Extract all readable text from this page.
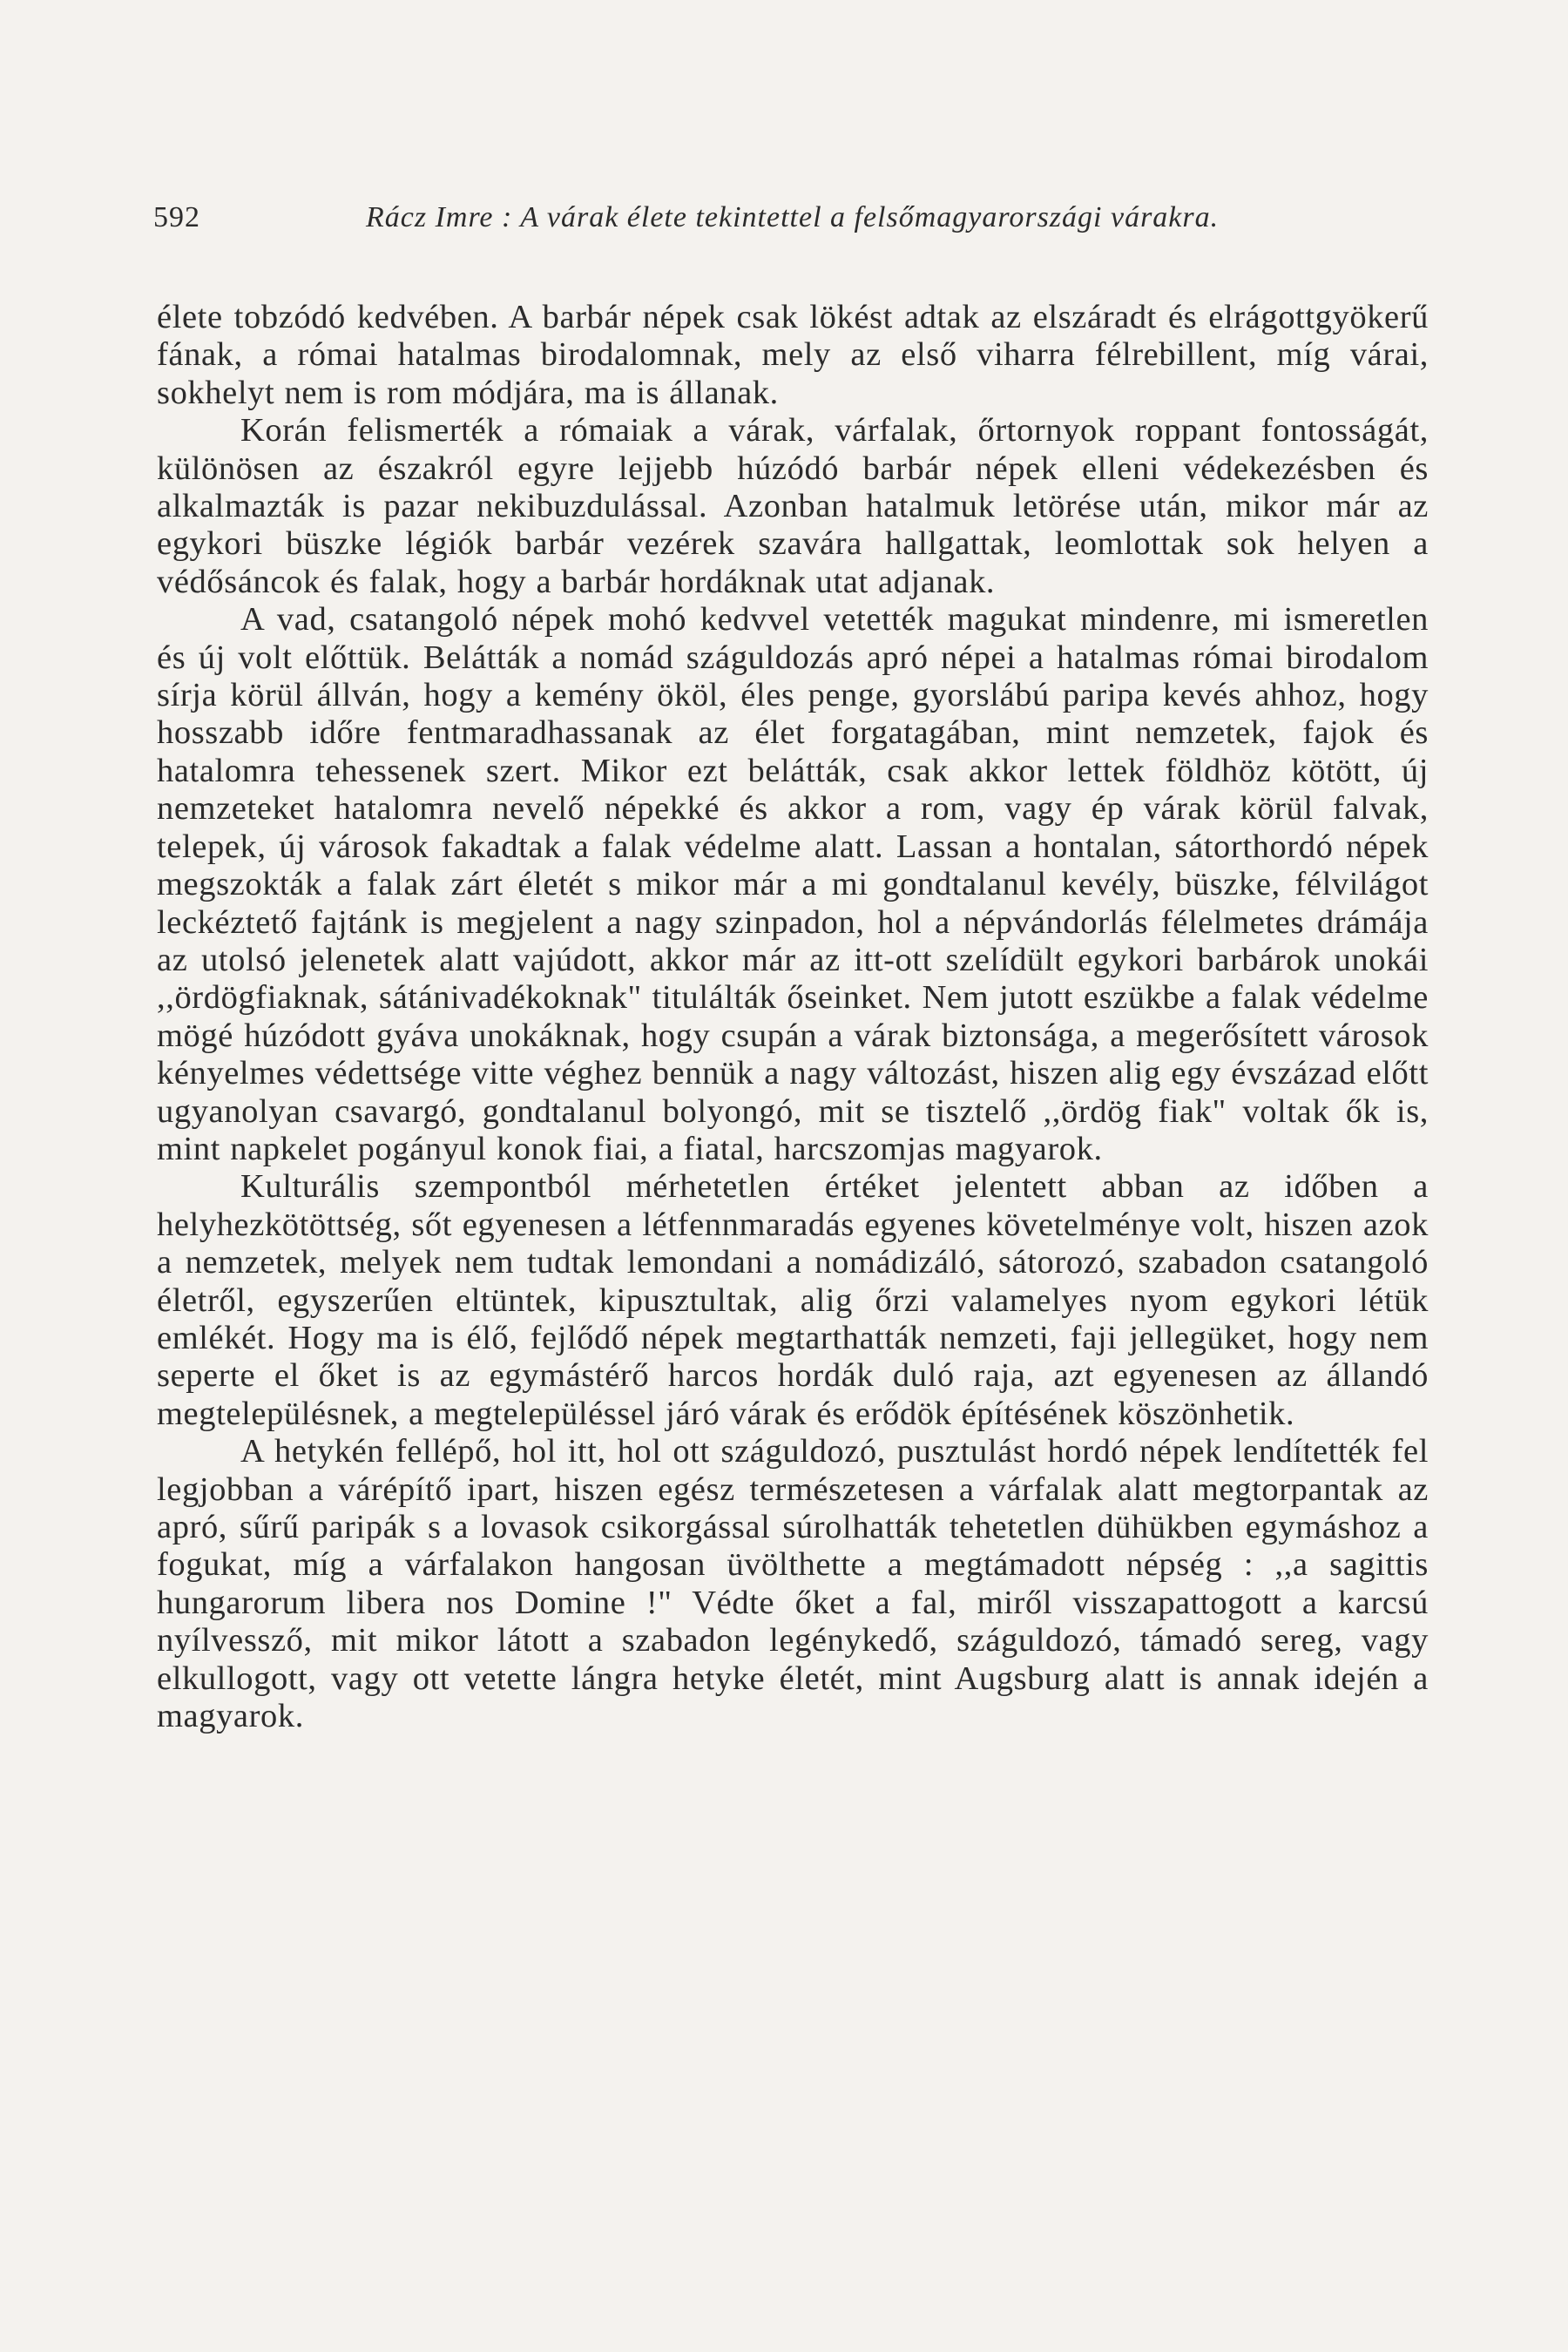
592	Rácz Imre : A várak élete tekintettel a felsőmagyarországi várakra.

élete tobzódó kedvében. A barbár népek csak lökést adtak az elszáradt és elrágottgyökerű fának, a római hatalmas birodalomnak, mely az első viharra félrebillent, míg várai, sokhelyt nem is rom módjára, ma is állanak.

Korán felismerték a rómaiak a várak, várfalak, őrtornyok roppant fontosságát, különösen az északról egyre lejjebb húzódó barbár népek elleni védekezésben és alkalmazták is pazar nekibuzdulással. Azonban hatalmuk letörése után, mikor már az egykori büszke légiók barbár vezérek szavára hallgattak, leomlottak sok helyen a védősáncok és falak, hogy a barbár hordáknak utat adjanak.

A vad, csatangoló népek mohó kedvvel vetették magukat mindenre, mi ismeretlen és új volt előttük. Belátták a nomád száguldozás apró népei a hatalmas római birodalom sírja körül állván, hogy a kemény ököl, éles penge, gyorslábú paripa kevés ahhoz, hogy hosszabb időre fentmaradhassanak az élet forgatagában, mint nemzetek, fajok és hatalomra tehessenek szert. Mikor ezt belátták, csak akkor lettek földhöz kötött, új nemzeteket hatalomra nevelő népekké és akkor a rom, vagy ép várak körül falvak, telepek, új városok fakadtak a falak védelme alatt. Lassan a hontalan, sátorthordó népek megszokták a falak zárt életét s mikor már a mi gondtalanul kevély, büszke, félvilágot leckéztető fajtánk is megjelent a nagy szinpadon, hol a népvándorlás félelmetes drámája az utolsó jelenetek alatt vajúdott, akkor már az itt-ott szelídült egykori barbárok unokái ,,ördögfiaknak, sátánivadékoknak" titulálták őseinket. Nem jutott eszükbe a falak védelme mögé húzódott gyáva unokáknak, hogy csupán a várak biztonsága, a megerősített városok kényelmes védettsége vitte véghez bennük a nagy változást, hiszen alig egy évszázad előtt ugyanolyan csavargó, gondtalanul bolyongó, mit se tisztelő ,,ördög fiak" voltak ők is, mint napkelet pogányul konok fiai, a fiatal, harcszomjas magyarok.

Kulturális szempontból mérhetetlen értéket jelentett abban az időben a helyhezkötöttség, sőt egyenesen a létfennmaradás egyenes követelménye volt, hiszen azok a nemzetek, melyek nem tudtak lemondani a nomádizáló, sátorozó, szabadon csatangoló életről, egyszerűen eltüntek, kipusztultak, alig őrzi valamelyes nyom egykori létük emlékét. Hogy ma is élő, fejlődő népek megtarthatták nemzeti, faji jellegüket, hogy nem seperte el őket is az egymástérő harcos hordák duló raja, azt egyenesen az állandó megtelepülésnek, a megtelepüléssel járó várak és erődök építésének köszönhetik.

A hetykén fellépő, hol itt, hol ott száguldozó, pusztulást hordó népek lendítették fel legjobban a várépítő ipart, hiszen egész természetesen a várfalak alatt megtorpantak az apró, sűrű paripák s a lovasok csikorgással súrolhatták tehetetlen dühükben egymáshoz a fogukat, míg a várfalakon hangosan üvölthette a megtámadott népség : ,,a sagittis hungarorum libera nos Domine !" Védte őket a fal, miről visszapattogott a karcsú nyílvessző, mit mikor látott a szabadon legénykedő, száguldozó, támadó sereg, vagy elkullogott, vagy ott vetette lángra hetyke életét, mint Augsburg alatt is annak idején a magyarok.
